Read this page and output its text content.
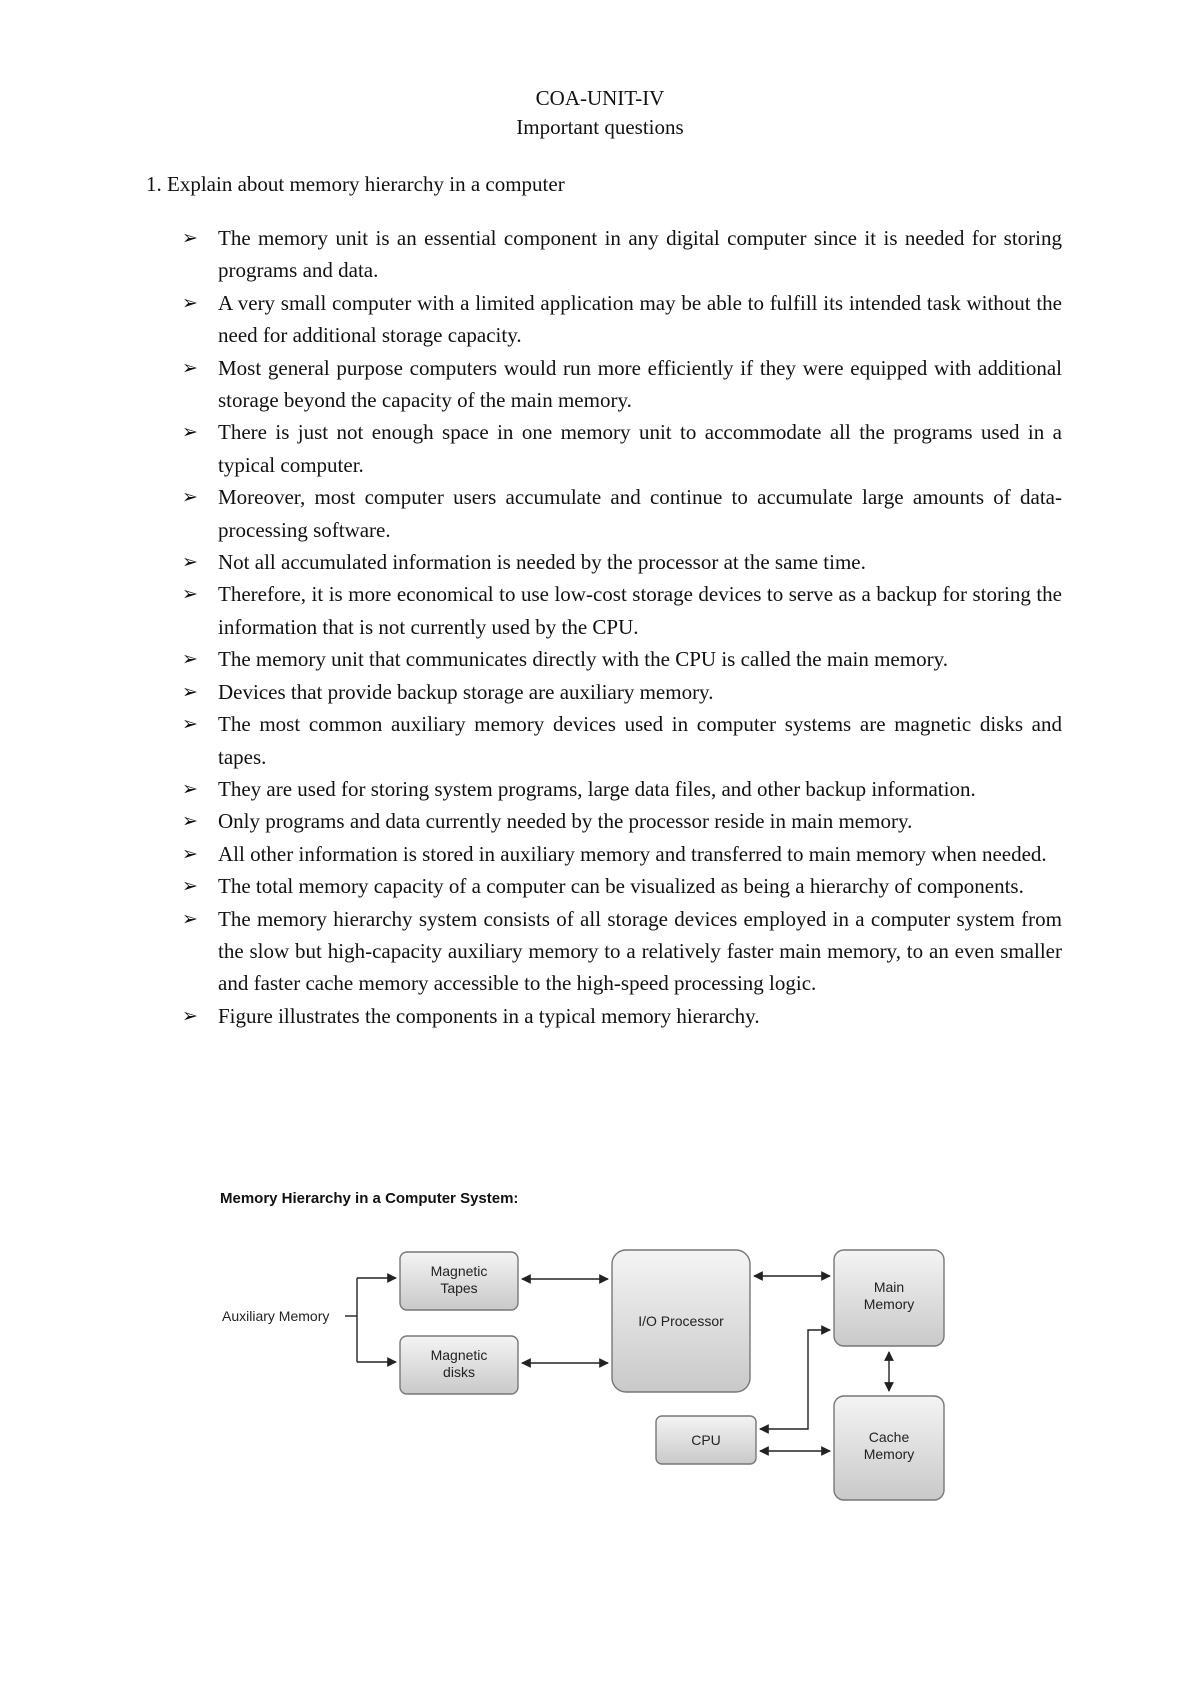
COA-UNIT-IV
Important questions
1. Explain about memory hierarchy in a computer
➢ The memory unit is an essential component in any digital computer since it is needed for storing programs and data.
➢ A very small computer with a limited application may be able to fulfill its intended task without the need for additional storage capacity.
➢ Most general purpose computers would run more efficiently if they were equipped with additional storage beyond the capacity of the main memory.
➢ There is just not enough space in one memory unit to accommodate all the programs used in a typical computer.
➢ Moreover, most computer users accumulate and continue to accumulate large amounts of data-processing software.
➢ Not all accumulated information is needed by the processor at the same time.
➢ Therefore, it is more economical to use low-cost storage devices to serve as a backup for storing the information that is not currently used by the CPU.
➢ The memory unit that communicates directly with the CPU is called the main memory.
➢ Devices that provide backup storage are auxiliary memory.
➢ The most common auxiliary memory devices used in computer systems are magnetic disks and tapes.
➢ They are used for storing system programs, large data files, and other backup information.
➢ Only programs and data currently needed by the processor reside in main memory.
➢ All other information is stored in auxiliary memory and transferred to main memory when needed.
➢ The total memory capacity of a computer can be visualized as being a hierarchy of components.
➢ The memory hierarchy system consists of all storage devices employed in a computer system from the slow but high-capacity auxiliary memory to a relatively faster main memory, to an even smaller and faster cache memory accessible to the high-speed processing logic.
➢ Figure illustrates the components in a typical memory hierarchy.
Memory Hierarchy in a Computer System:
Auxiliary Memory
Magnetic
Tapes
Magnetic
disks
I/O Processor
Main
Memory
CPU	Cache
Memory
